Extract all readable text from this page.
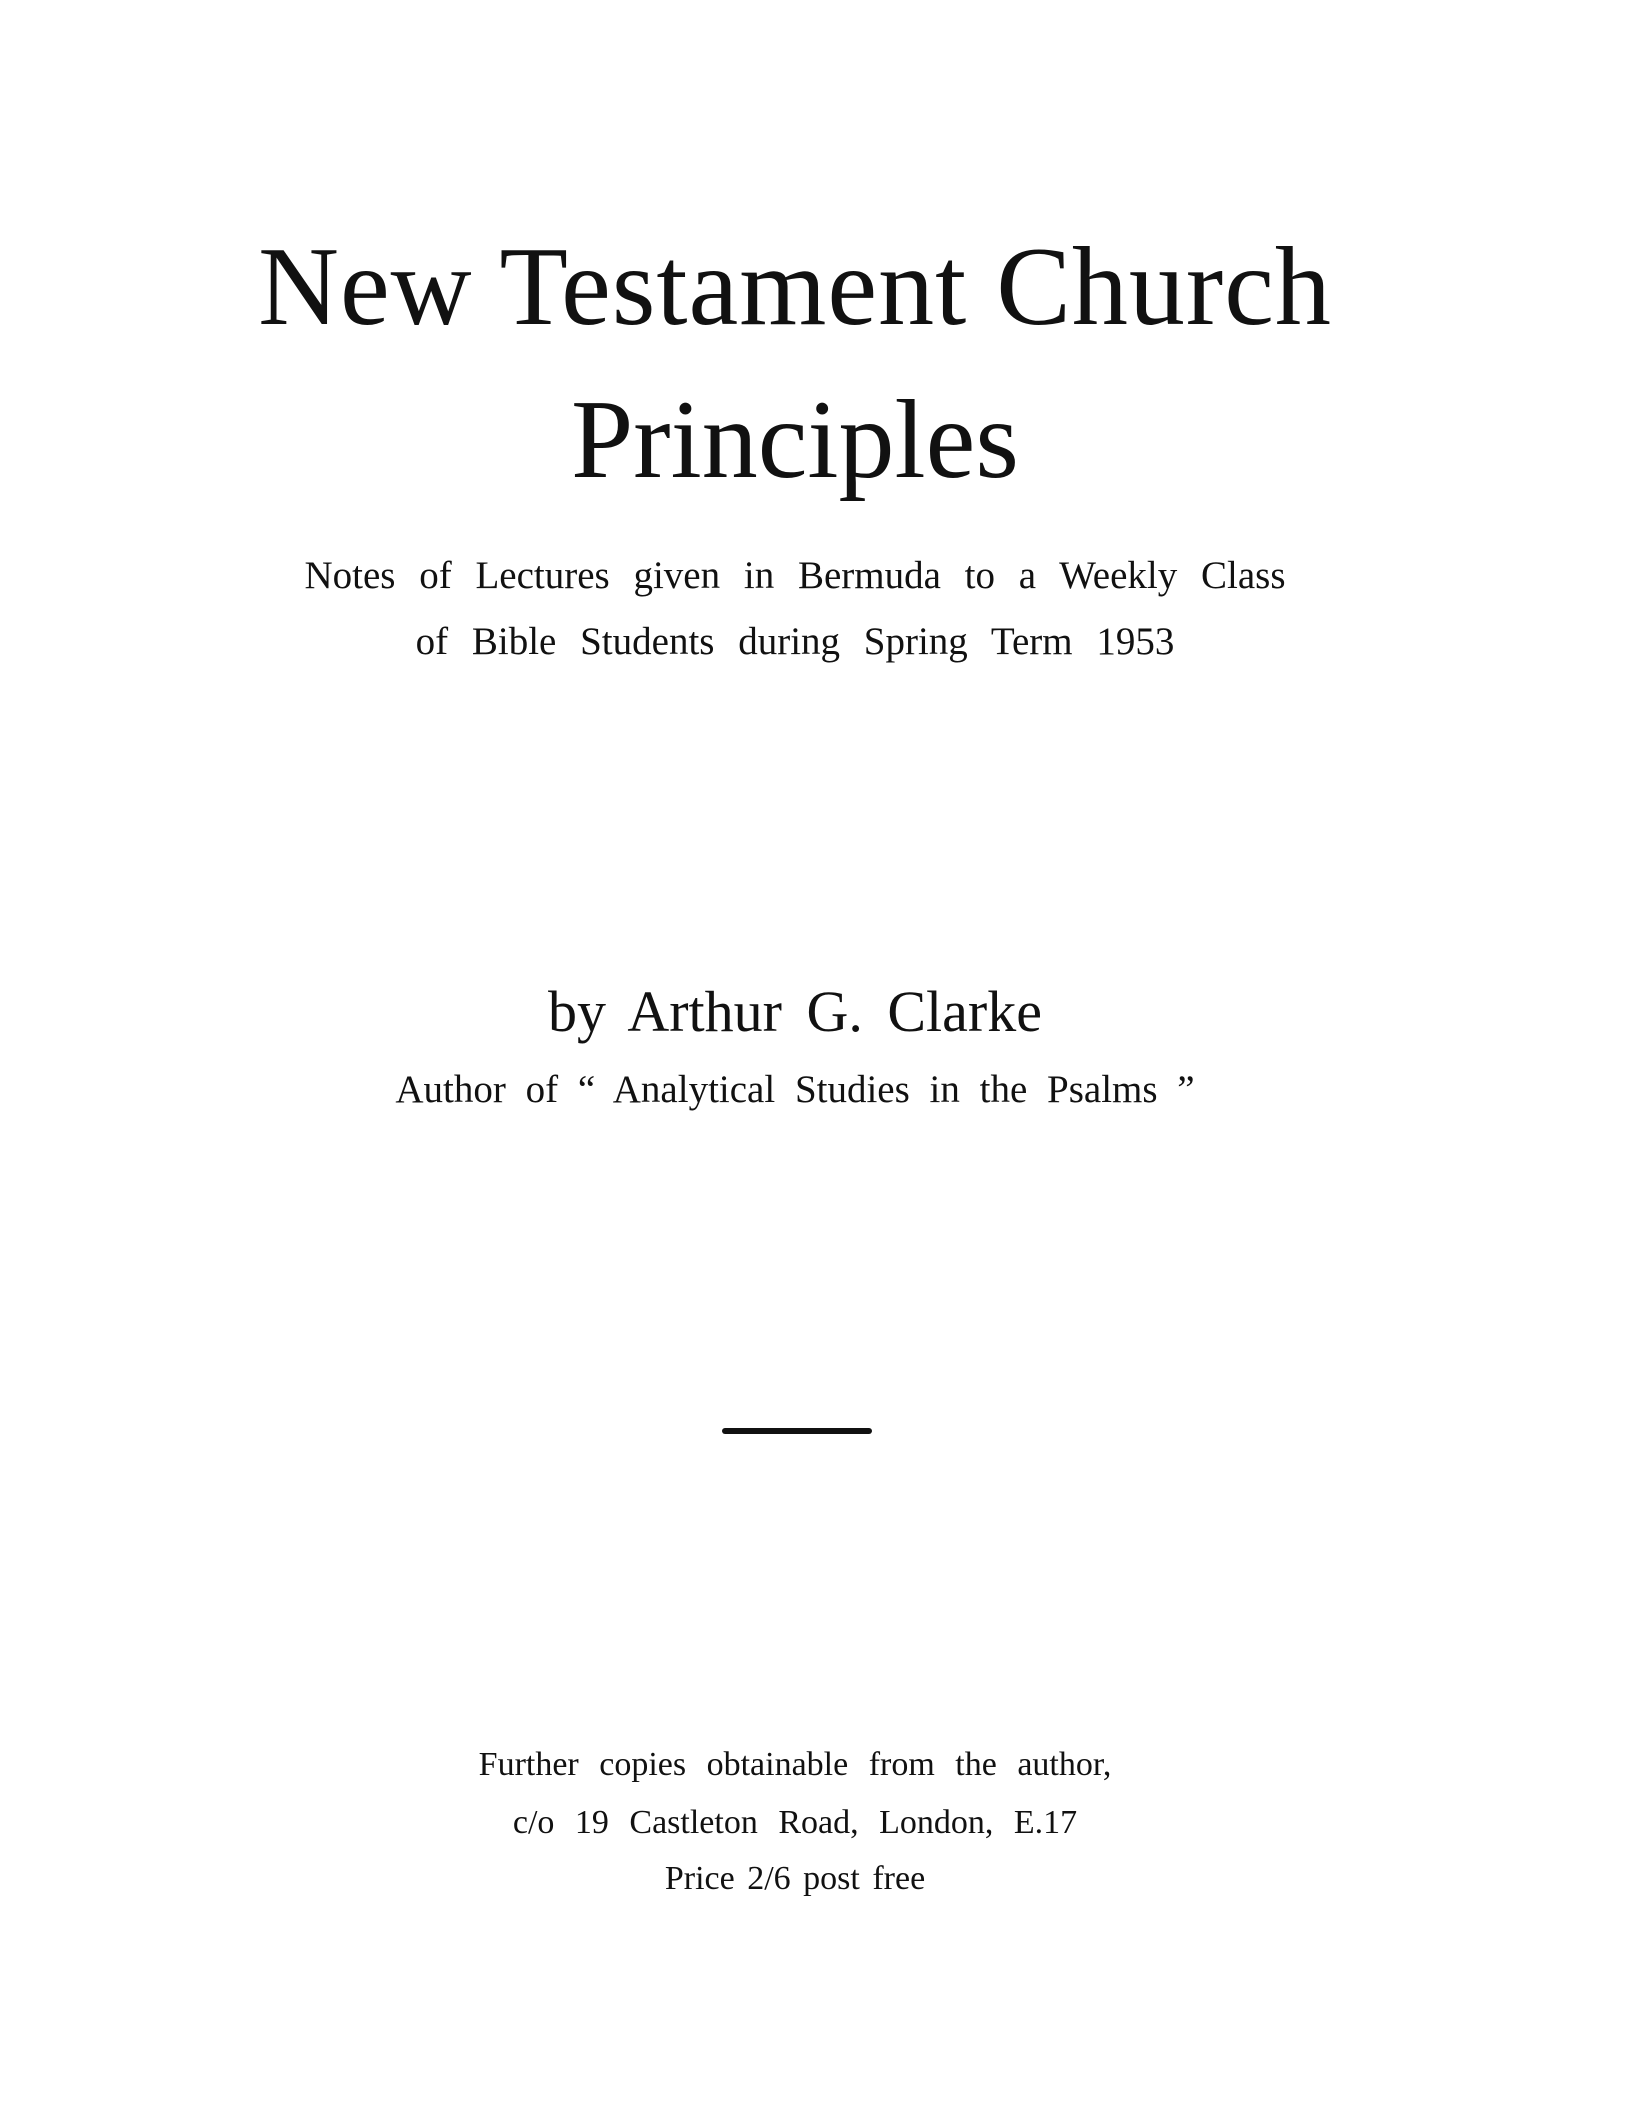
New Testament Church
Principles
Notes of Lectures given in Bermuda to a Weekly Class
of Bible Students during Spring Term 1953
by Arthur G. Clarke
Author of “ Analytical Studies in the Psalms ”
Further copies obtainable from the author,
c/o 19 Castleton Road, London, E.17
Price 2/6 post free
